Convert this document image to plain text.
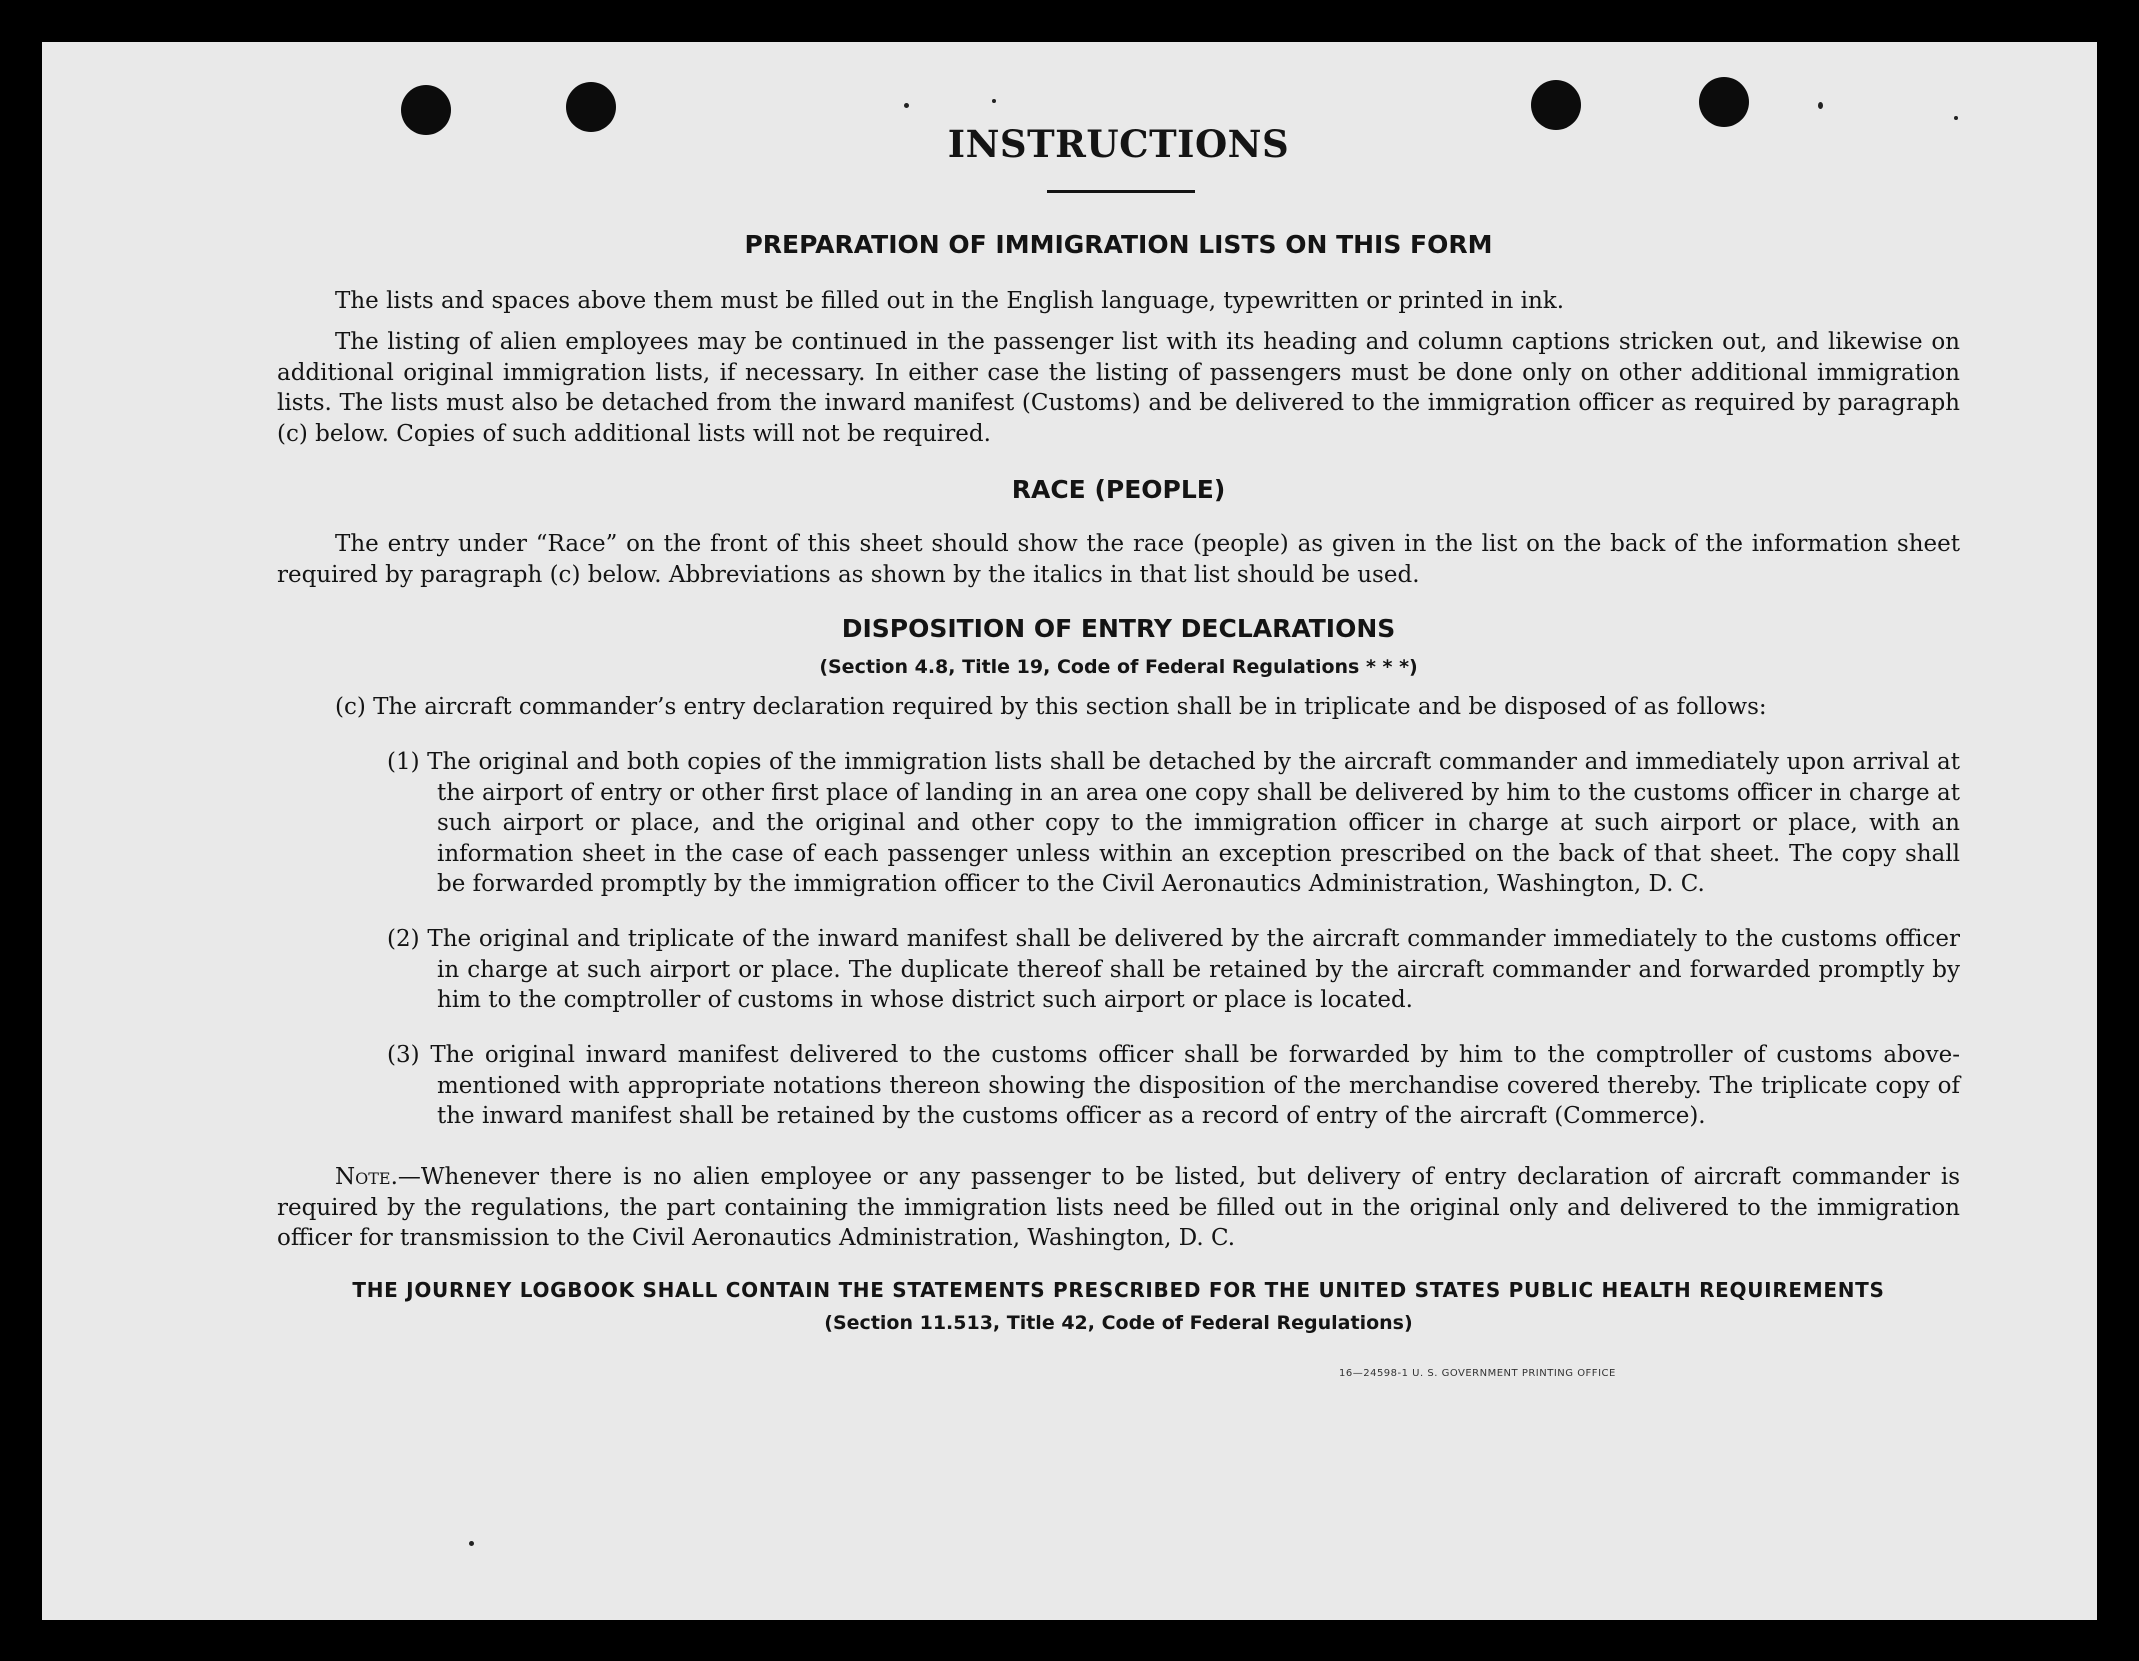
INSTRUCTIONS
PREPARATION OF IMMIGRATION LISTS ON THIS FORM

The lists and spaces above them must be filled out in the English language, typewritten or printed in ink.

The listing of alien employees may be continued in the passenger list with its heading and column captions stricken out, and likewise on additional original immigration lists, if necessary. In either case the listing of passengers must be done only on other additional immigration lists. The lists must also be detached from the inward manifest (Customs) and be delivered to the immigration officer as required by paragraph (c) below. Copies of such additional lists will not be required.

RACE (PEOPLE)

The entry under “Race” on the front of this sheet should show the race (people) as given in the list on the back of the information sheet required by paragraph (c) below. Abbreviations as shown by the italics in that list should be used.

DISPOSITION OF ENTRY DECLARATIONS

(Section 4.8, Title 19, Code of Federal Regulations * * *)

(c) The aircraft commander’s entry declaration required by this section shall be in triplicate and be disposed of as follows:

(1) The original and both copies of the immigration lists shall be detached by the aircraft commander and immediately upon arrival at the airport of entry or other first place of landing in an area one copy shall be delivered by him to the customs officer in charge at such airport or place, and the original and other copy to the immigration officer in charge at such airport or place, with an information sheet in the case of each passenger unless within an exception prescribed on the back of that sheet. The copy shall be forwarded promptly by the immigration officer to the Civil Aeronautics Administration, Washington, D. C.

(2) The original and triplicate of the inward manifest shall be delivered by the aircraft commander immediately to the customs officer in charge at such airport or place. The duplicate thereof shall be retained by the aircraft commander and forwarded promptly by him to the comptroller of customs in whose district such airport or place is located.

(3) The original inward manifest delivered to the customs officer shall be forwarded by him to the comptroller of customs above-mentioned with appropriate notations thereon showing the disposition of the merchandise covered thereby. The triplicate copy of the inward manifest shall be retained by the customs officer as a record of entry of the aircraft (Commerce).

Note.—Whenever there is no alien employee or any passenger to be listed, but delivery of entry declaration of aircraft commander is required by the regulations, the part containing the immigration lists need be filled out in the original only and delivered to the immigration officer for transmission to the Civil Aeronautics Administration, Washington, D. C.

THE JOURNEY LOGBOOK SHALL CONTAIN THE STATEMENTS PRESCRIBED FOR THE UNITED STATES PUBLIC HEALTH REQUIREMENTS

(Section 11.513, Title 42, Code of Federal Regulations)

16—24598-1 U. S. GOVERNMENT PRINTING OFFICE
